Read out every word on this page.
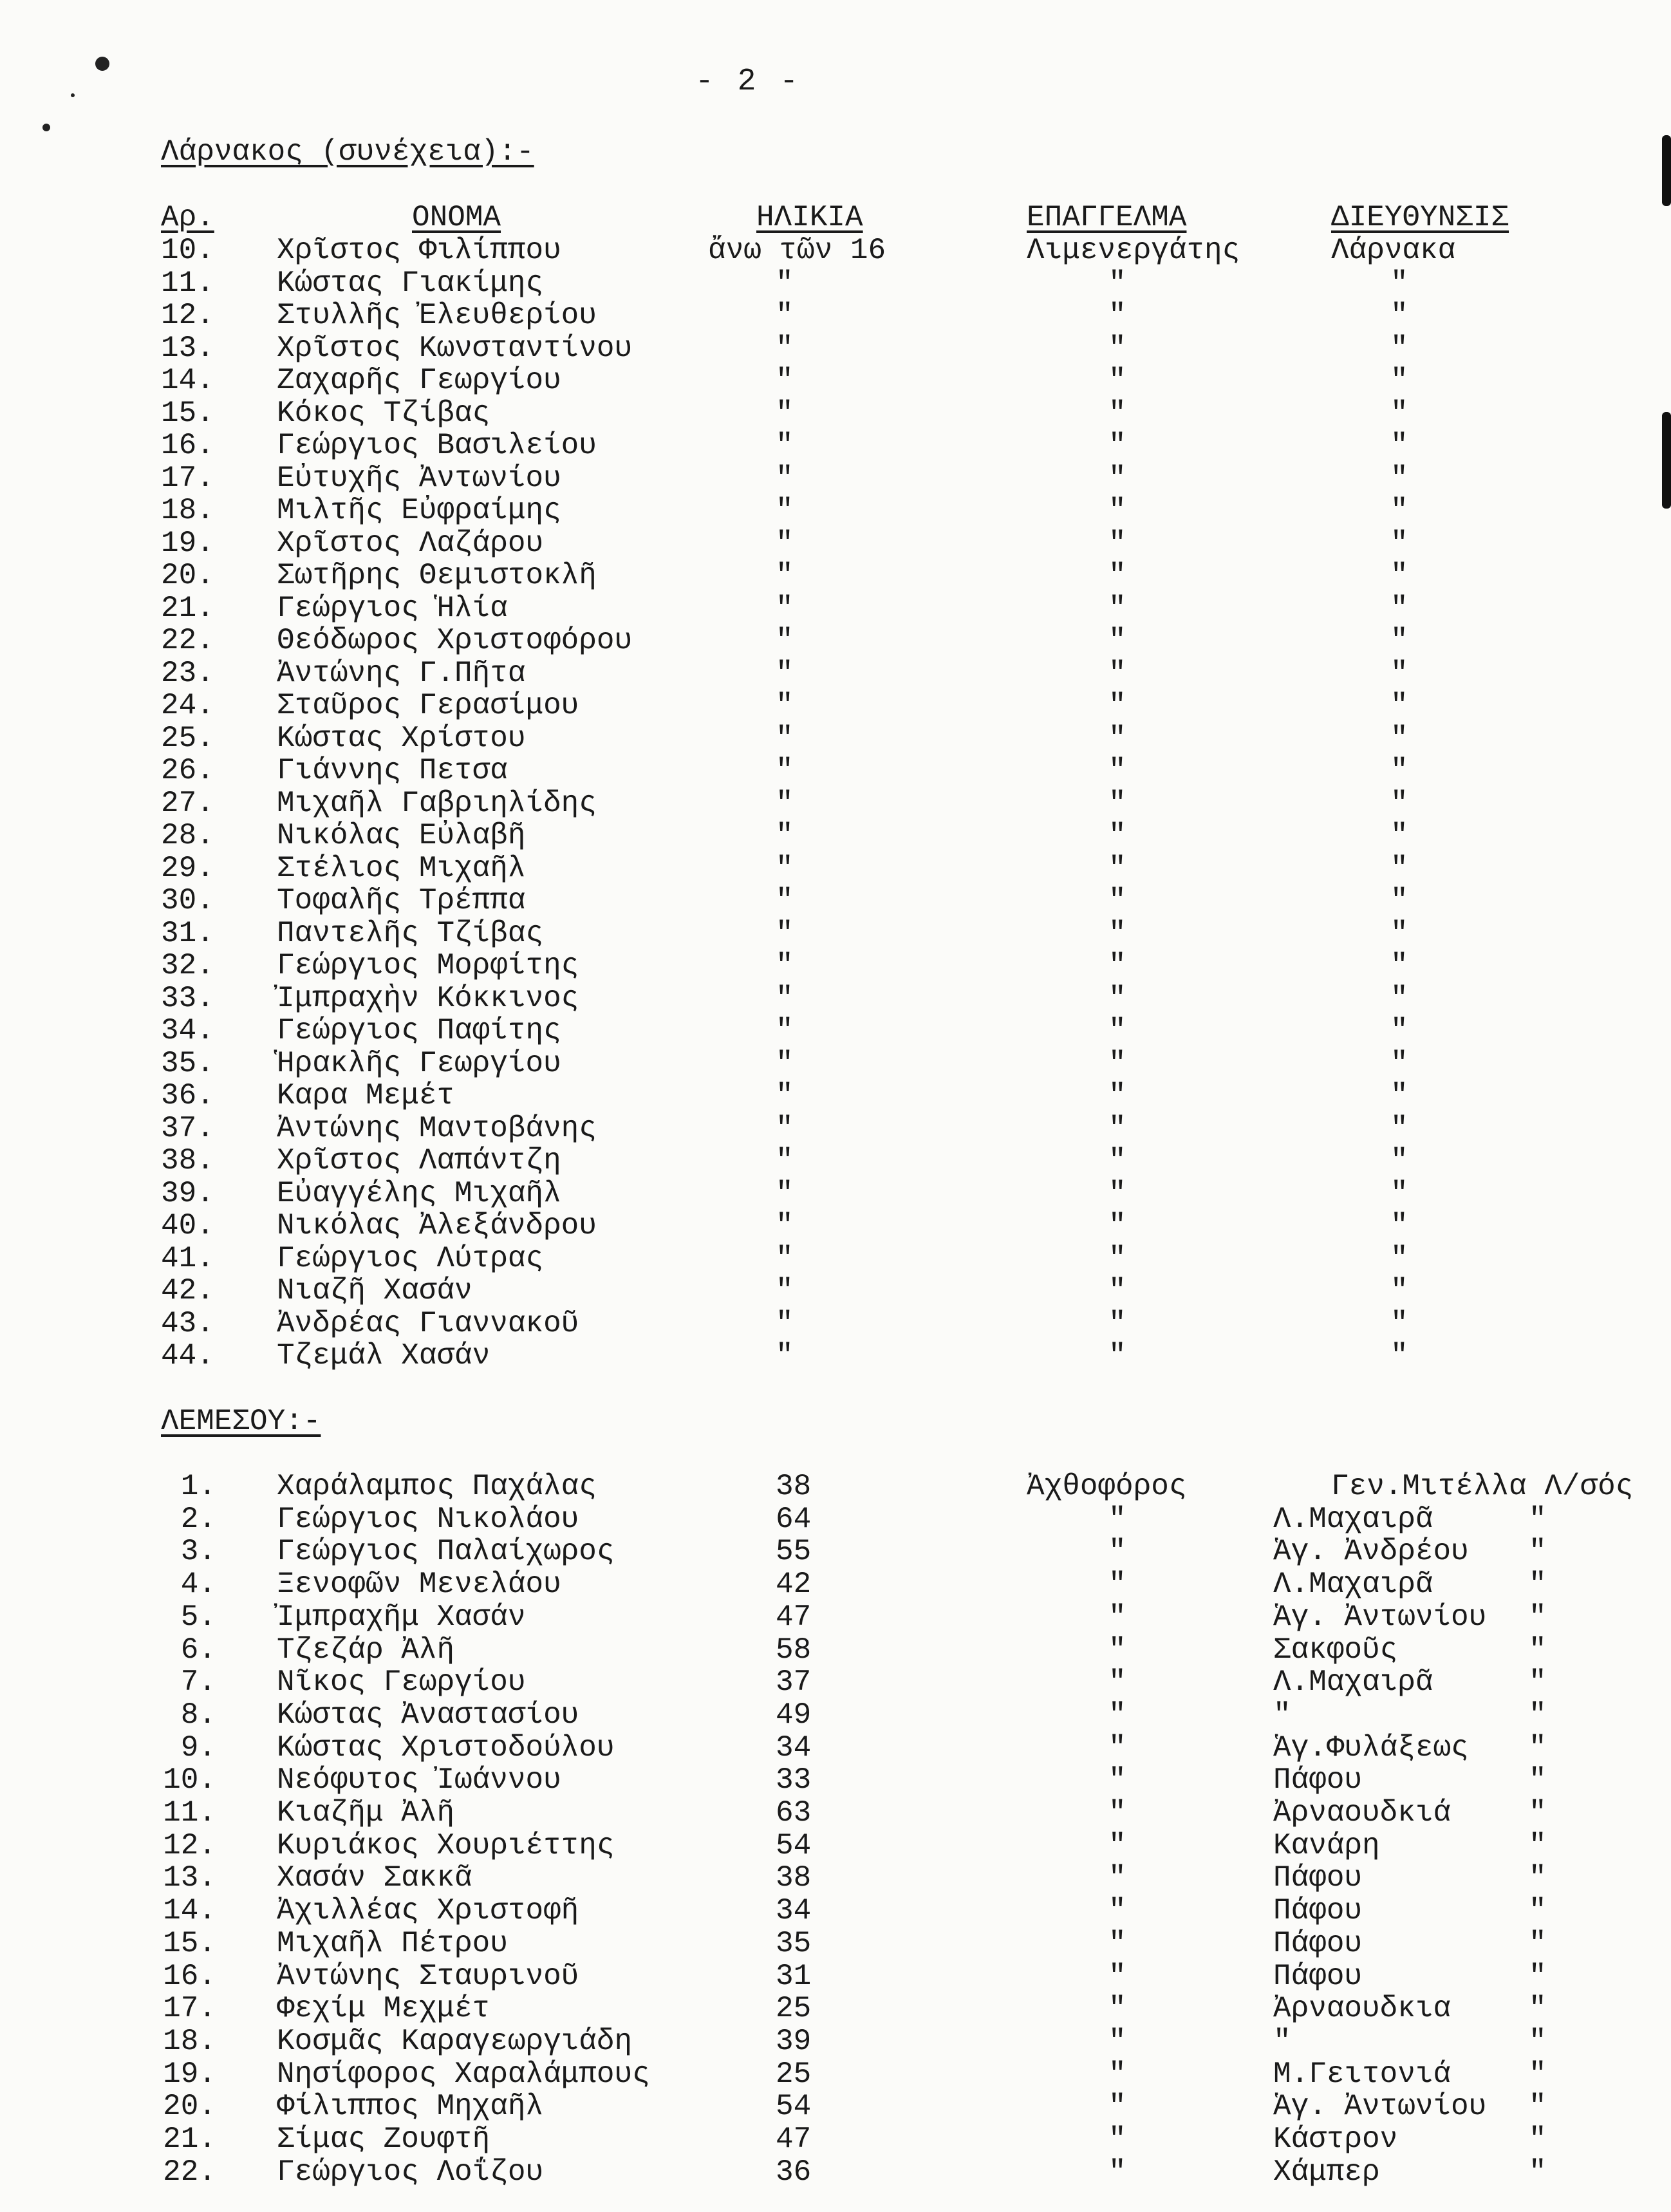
- 2 -
Λάρνακος (συνέχεια):-
Αρ.	ΟΝΟΜΑ	ΗΛΙΚΙΑ	ΕΠΑΓΓΕΛΜΑ	ΔΙΕΥΘΥΝΣΙΣ
10. Χρῖστος Φιλίππου	ἄνω τῶν 16	Λιμενεργάτης	Λάρνακα
11. Κώστας Γιακίμης	"	"	"
12. Στυλλῆς Ἐλευθερίου	"	"	"
13. Χρῖστος Κωνσταντίνου	"	"	"
14. Ζαχαρῆς Γεωργίου	"	"	"
15. Κόκος Τζίβας	"	"	"
16. Γεώργιος Βασιλείου	"	"	"
17. Εὐτυχῆς Ἀντωνίου	"	"	"
18. Μιλτῆς Εὐφραίμης	"	"	"
19. Χρῖστος Λαζάρου	"	"	"
20. Σωτῆρης Θεμιστοκλῆ	"	"	"
21. Γεώργιος Ἡλία	"	"	"
22. Θεόδωρος Χριστοφόρου	"	"	"
23. Ἀντώνης Γ.Πῆτα	"	"	"
24. Σταῦρος Γερασίμου	"	"	"
25. Κώστας Χρίστου	"	"	"
26. Γιάννης Πετσα	"	"	"
27. Μιχαῆλ Γαβριηλίδης	"	"	"
28. Νικόλας Εὐλαβῆ	"	"	"
29. Στέλιος Μιχαῆλ	"	"	"
30. Τοφαλῆς Τρέππα	"	"	"
31. Παντελῆς Τζίβας	"	"	"
32. Γεώργιος Μορφίτης	"	"	"
33. Ἰμπραχὴν Κόκκινος	"	"	"
34. Γεώργιος Παφίτης	"	"	"
35. Ἡρακλῆς Γεωργίου	"	"	"
36. Καρα Μεμέτ	"	"	"
37. Ἀντώνης Μαντοβάνης	"	"	"
38. Χρῖστος Λαπάντζη	"	"	"
39. Εὐαγγέλης Μιχαῆλ	"	"	"
40. Νικόλας Ἀλεξάνδρου	"	"	"
41. Γεώργιος Λύτρας	"	"	"
42. Νιαζῆ Χασάν	"	"	"
43. Ἀνδρέας Γιαννακοῦ	"	"	"
44. Τζεμάλ Χασάν	"	"	"
ΛΕΜΕΣΟΥ:-
1. Χαράλαμπος Παχάλας	38	Ἀχθοφόρος	Γεν.Μιτέλλα Λ/σός
2. Γεώργιος Νικολάου	64	"	Λ.Μαχαιρᾶ	"
3. Γεώργιος Παλαίχωρος	55	"	Ἁγ. Ἀνδρέου "
4. Ξενοφῶν Μενελάου	42	"	Λ.Μαχαιρᾶ	"
5. Ἰμπραχῆμ Χασάν	47	"	Ἁγ. Ἀντωνίου "
6. Τζεζάρ Ἀλῆ	58	"	Σακφοῦς	"
7. Νῖκος Γεωργίου	37	"	Λ.Μαχαιρᾶ	"
8. Κώστας Ἀναστασίου	49	"	"	"
9. Κώστας Χριστοδούλου	34	"	Ἁγ.Φυλάξεως "
10. Νεόφυτος Ἰωάννου	33	"	Πάφου	"
11. Κιαζῆμ Ἀλῆ	63	"	Ἀρναουδκιά	"
12. Κυριάκος Χουριέττης	54	"	Κανάρη	"
13. Χασάν Σακκᾶ	38	"	Πάφου	"
14. Ἀχιλλέας Χριστοφῆ	34	"	Πάφου	"
15. Μιχαῆλ Πέτρου	35	"	Πάφου	"
16. Ἀντώνης Σταυρινοῦ	31	"	Πάφου	"
17. Φεχίμ Μεχμέτ	25	"	Ἀρναουδκια	"
18. Κοσμᾶς Καραγεωργιάδη	39	"	"	"
19. Νησίφορος Χαραλάμπους	25	"	Μ.Γειτονιά	"
20. Φίλιππος Μηχαῆλ	54	"	Ἁγ. Ἀντωνίου "
21. Σίμας Ζουφτῆ	47	"	Κάστρον	"
22. Γεώργιος Λοΐζου	36	"	Χάμπερ	"
